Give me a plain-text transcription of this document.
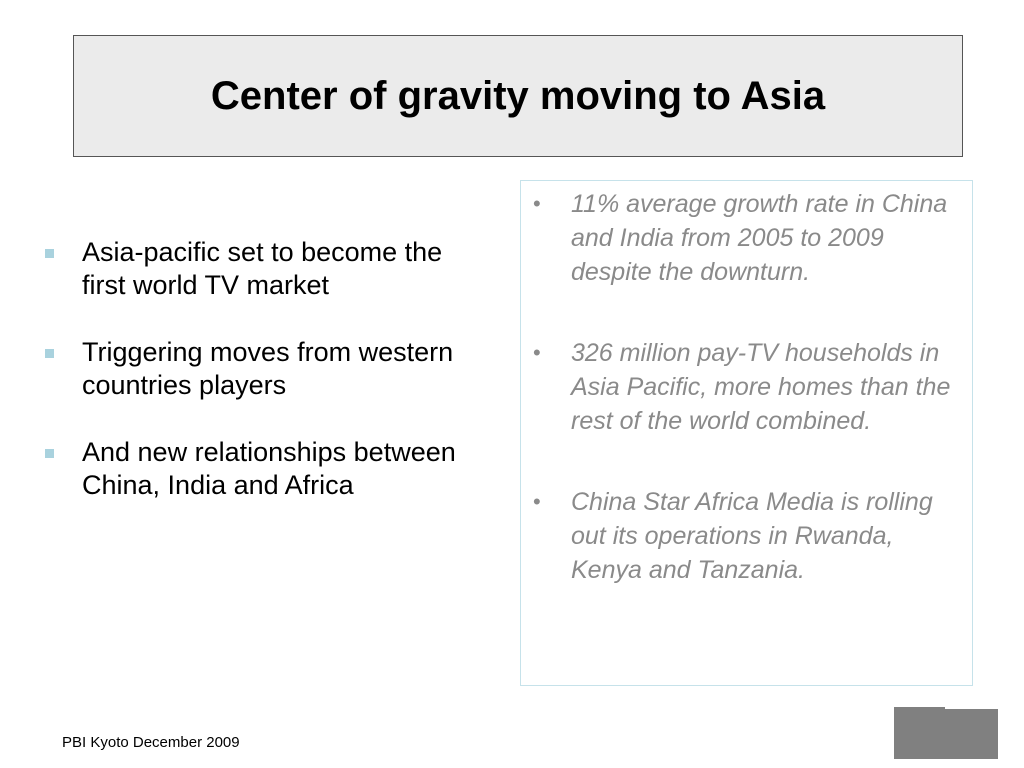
Center of gravity moving to Asia
Asia-pacific set to become the first world TV market
Triggering moves from western countries players
And new relationships between China, India and Africa
• 11% average growth rate in China and India from 2005 to 2009 despite the downturn.
• 326 million pay-TV households in Asia Pacific, more homes than the rest of the world combined.
• China Star Africa Media is rolling out its operations in Rwanda, Kenya and Tanzania.
PBI Kyoto December 2009
